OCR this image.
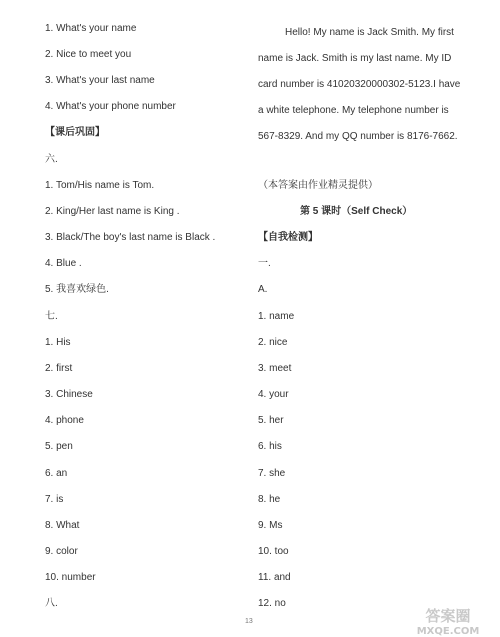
1. What's your name
2. Nice to meet you
3. What's your last name
4. What's your phone number
【课后巩固】
六.
1. Tom/His name is Tom.
2. King/Her last name is King .
3. Black/The boy's last name is Black .
4. Blue .
5. 我喜欢绿色.
七.
1. His
2. first
3. Chinese
4. phone
5. pen
6. an
7. is
8. What
9. color
10. number
八.
Hello! My name is Jack Smith. My first name is Jack. Smith is my last name. My ID card number is 41020320000302-5123.I have a white telephone. My telephone number is 567-8329. And my QQ number is 8176-7662.
（本答案由作业精灵提供）
第 5 课时（Self Check）
【自我检测】
一.
A.
1. name
2. nice
3. meet
4. your
5. her
6. his
7. she
8. he
9. Ms
10. too
11. and
12. no
13	答案圈
MXQE.COM
